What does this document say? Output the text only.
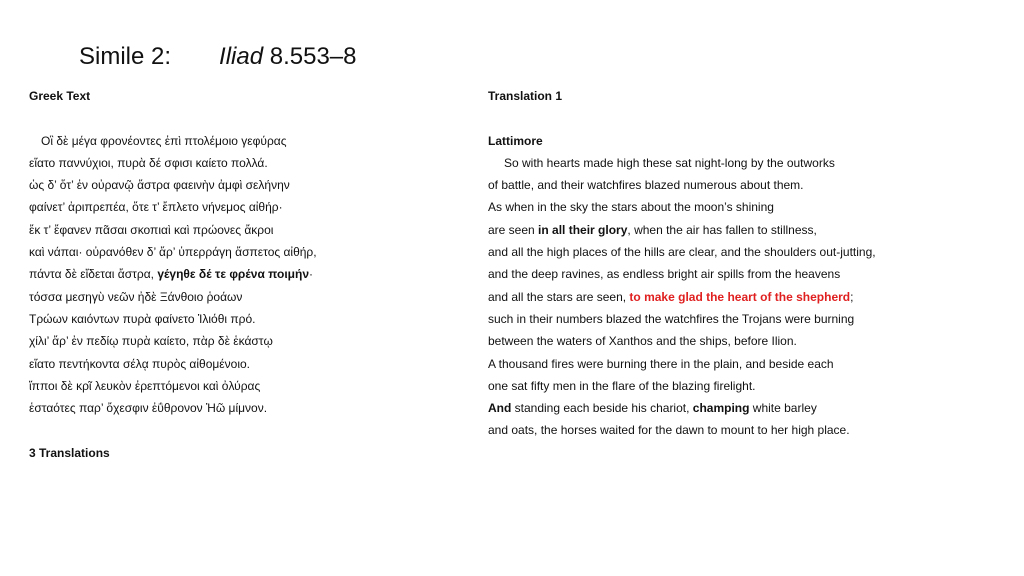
Simile 2: Iliad 8.553–8
Greek Text
Οἳ δὲ μέγα φρονέοντες ἐπὶ πτολέμοιο γεφύρας
εἵατο παννύχιοι, πυρὰ δέ σφισι καίετο πολλά.
ὡς δ’ ὅτ’ ἐν οὐρανῷ ἄστρα φαεινὴν ἀμφὶ σελήνην
φαίνετ’ ἀριπρεπέα, ὅτε τ’ ἔπλετο νήνεμος αἰθήρ·
ἔκ τ’ ἔφανεν πᾶσαι σκοπιαὶ καὶ πρώονες ἄκροι
καὶ νάπαι· οὐρανόθεν δ’ ἄρ’ ὑπερράγη ἄσπετος αἰθήρ,
πάντα δὲ εἴδεται ἄστρα, γέγηθε δέ τε φρένα ποιμήν·
τόσσα μεσηγὺ νεῶν ἠδὲ Ξάνθοιο ῥοάων
Τρώων καιόντων πυρὰ φαίνετο Ἰλιόθι πρό.
χίλι’ ἄρ’ ἐν πεδίῳ πυρὰ καίετο, πὰρ δὲ ἑκάστῳ
εἵατο πεντήκοντα σέλᾳ πυρὸς αἰθομένοιο.
ἵπποι δὲ κρῖ λευκὸν ἐρεπτόμενοι καὶ ὀλύρας
ἑσταότες παρ’ ὄχεσφιν ἐΰθρονον Ἠῶ μίμνον.
3 Translations
Translation 1
Lattimore
So with hearts made high these sat night-long by the outworks
of battle, and their watchfires blazed numerous about them.
As when in the sky the stars about the moon’s shining
are seen in all their glory, when the air has fallen to stillness,
and all the high places of the hills are clear, and the shoulders out-jutting,
and the deep ravines, as endless bright air spills from the heavens
and all the stars are seen, to make glad the heart of the shepherd;
such in their numbers blazed the watchfires the Trojans were burning
between the waters of Xanthos and the ships, before Ilion.
A thousand fires were burning there in the plain, and beside each
one sat fifty men in the flare of the blazing firelight.
And standing each beside his chariot, champing white barley
and oats, the horses waited for the dawn to mount to her high place.
